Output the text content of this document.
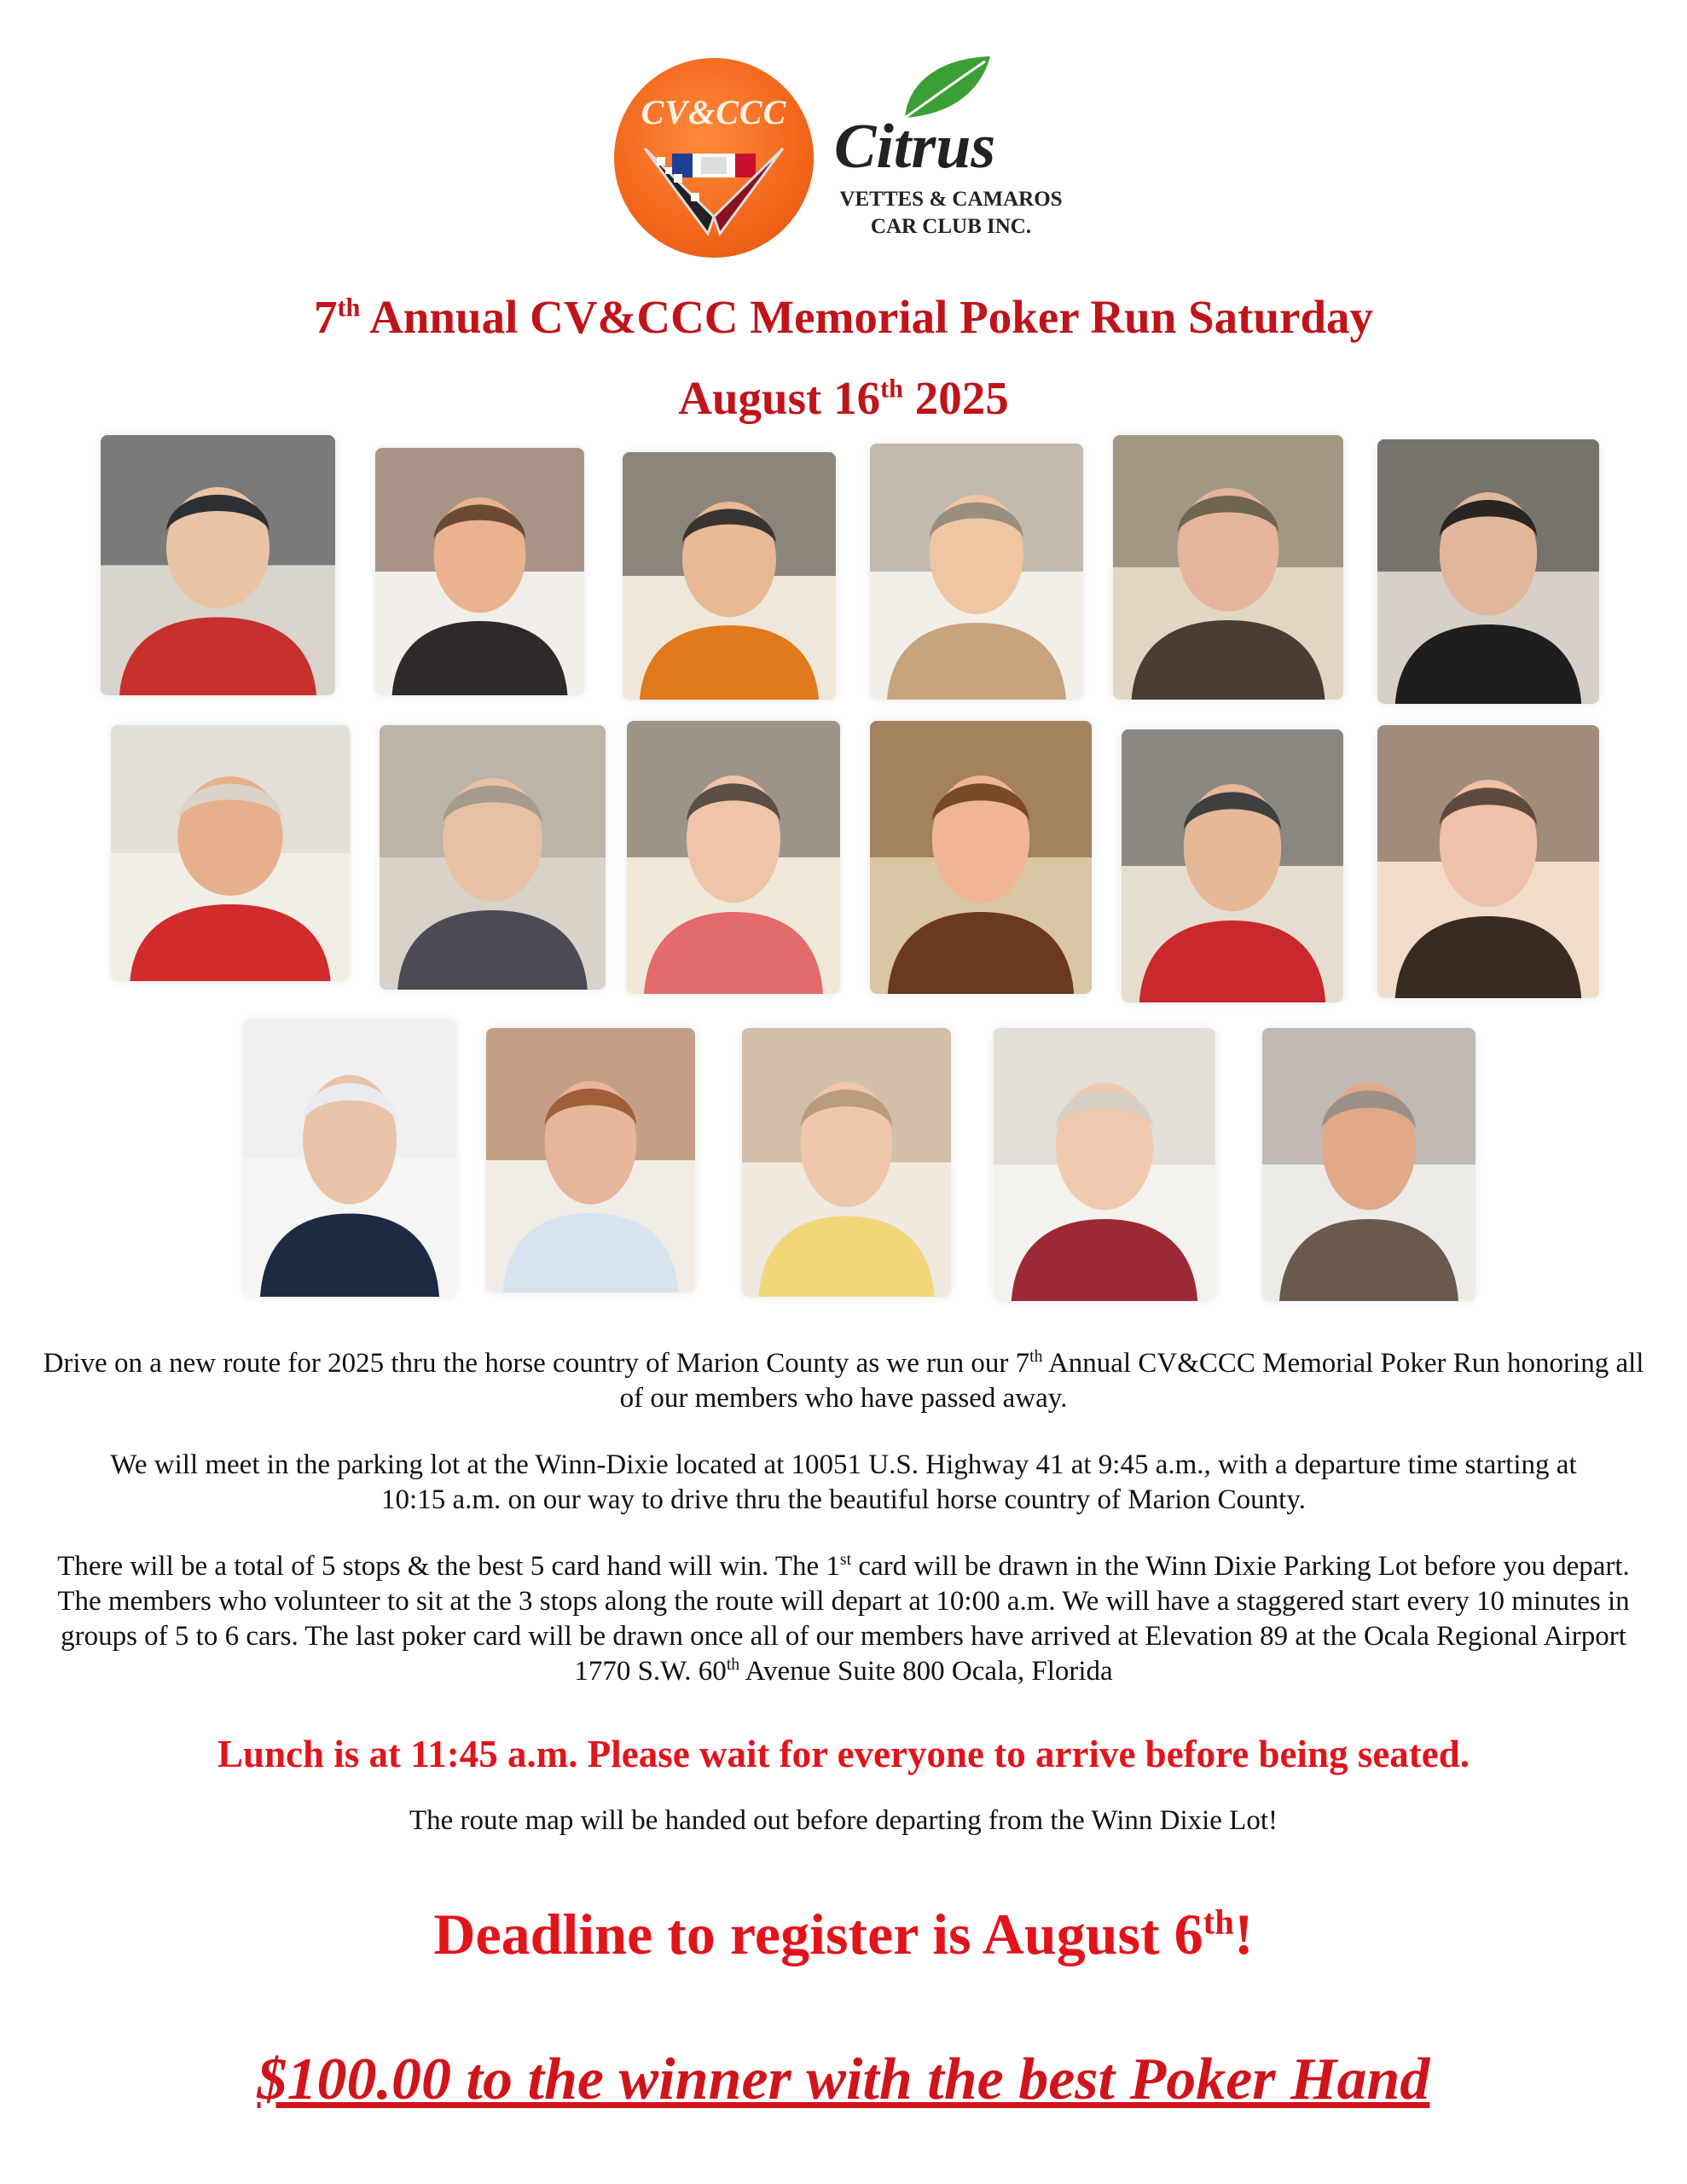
CV&CCC Citrus
VETTES & CAMAROS
CAR CLUB INC.
7th Annual CV&CCC Memorial Poker Run Saturday
August 16th 2025
Drive on a new route for 2025 thru the horse country of Marion County as we run our 7th Annual CV&CCC Memorial Poker Run honoring all of our members who have passed away.
We will meet in the parking lot at the Winn-Dixie located at 10051 U.S. Highway 41 at 9:45 a.m., with a departure time starting at 10:15 a.m. on our way to drive thru the beautiful horse country of Marion County.
There will be a total of 5 stops & the best 5 card hand will win. The 1st card will be drawn in the Winn Dixie Parking Lot before you depart. The members who volunteer to sit at the 3 stops along the route will depart at 10:00 a.m. We will have a staggered start every 10 minutes in groups of 5 to 6 cars. The last poker card will be drawn once all of our members have arrived at Elevation 89 at the Ocala Regional Airport 1770 S.W. 60th Avenue Suite 800 Ocala, Florida
Lunch is at 11:45 a.m. Please wait for everyone to arrive before being seated.
The route map will be handed out before departing from the Winn Dixie Lot!
Deadline to register is August 6th!
$100.00 to the winner with the best Poker Hand
